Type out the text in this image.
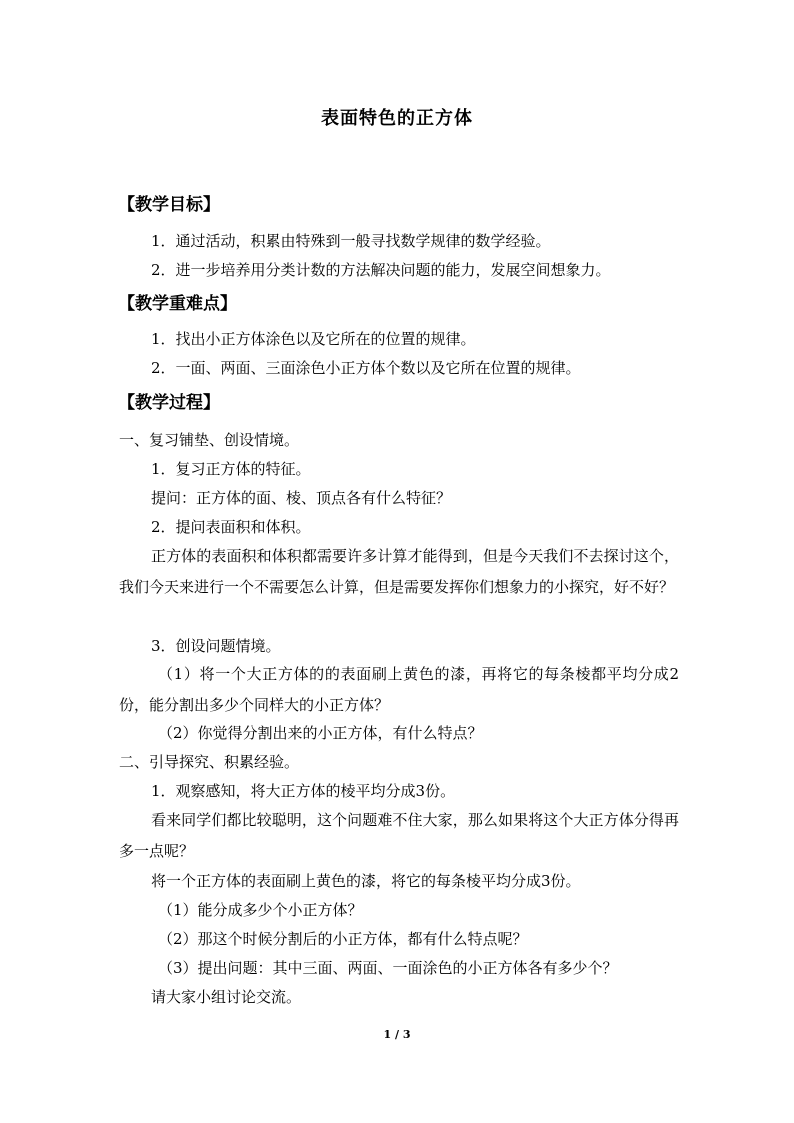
表面特色的正方体
【教学目标】
1．通过活动，积累由特殊到一般寻找数学规律的数学经验。
2．进一步培养用分类计数的方法解决问题的能力，发展空间想象力。
【教学重难点】
1．找出小正方体涂色以及它所在的位置的规律。
2．一面、两面、三面涂色小正方体个数以及它所在位置的规律。
【教学过程】
一、复习铺垫、创设情境。
1．复习正方体的特征。
提问：正方体的面、棱、顶点各有什么特征？
2．提问表面积和体积。
正方体的表面积和体积都需要许多计算才能得到，但是今天我们不去探讨这个，我们今天来进行一个不需要怎么计算，但是需要发挥你们想象力的小探究，好不好？
3．创设问题情境。
（1）将一个大正方体的的表面刷上黄色的漆，再将它的每条棱都平均分成2份，能分割出多少个同样大的小正方体？
（2）你觉得分割出来的小正方体，有什么特点？
二、引导探究、积累经验。
1．观察感知，将大正方体的棱平均分成3份。
看来同学们都比较聪明，这个问题难不住大家，那么如果将这个大正方体分得再多一点呢？
将一个正方体的表面刷上黄色的漆，将它的每条棱平均分成3份。
（1）能分成多少个小正方体？
（2）那这个时候分割后的小正方体，都有什么特点呢？
（3）提出问题：其中三面、两面、一面涂色的小正方体各有多少个？
请大家小组讨论交流。
1 / 3
